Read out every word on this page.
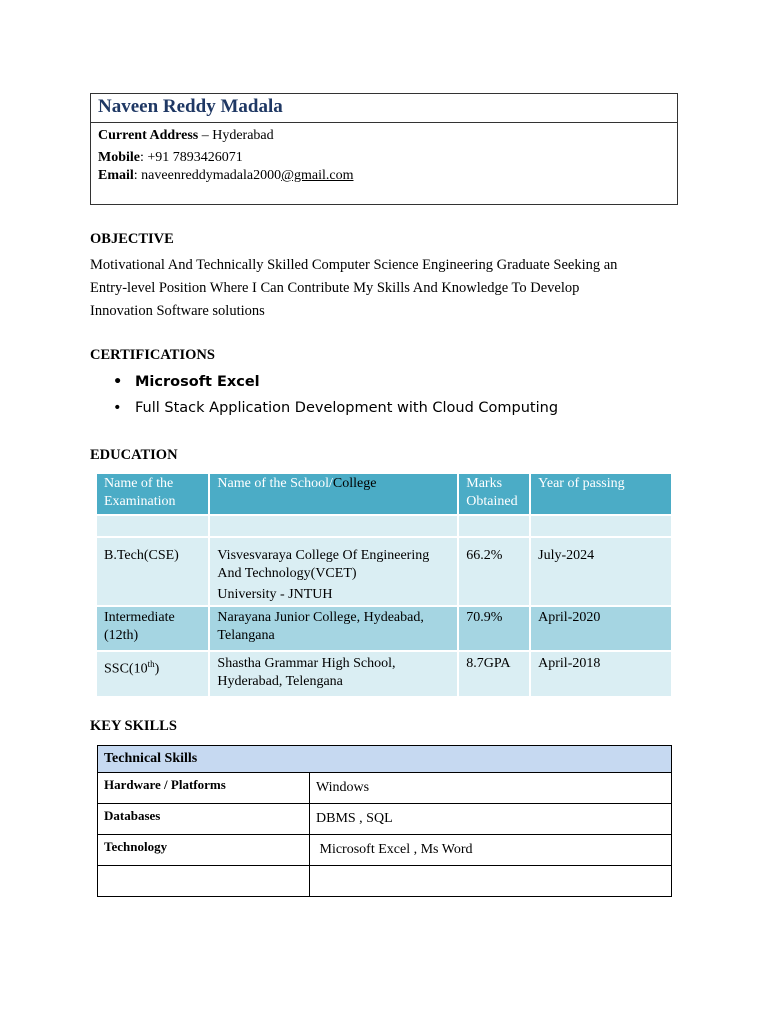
Naveen Reddy Madala
Current Address – Hyderabad
Mobile: +91 7893426071
Email: naveenreddymadala2000@gmail.com
OBJECTIVE
Motivational And Technically Skilled Computer Science Engineering Graduate Seeking an
Entry-level Position Where I Can Contribute My Skills And Knowledge To Develop
Innovation Software solutions
CERTIFICATIONS
• Microsoft Excel
• Full Stack Application Development with Cloud Computing
EDUCATION
Name of the Examination	Name of the School/College	Marks Obtained	Year of passing

B.Tech(CSE)	Visvesvaraya College Of Engineering And Technology(VCET)
University - JNTUH	66.2%	July-2024
Intermediate (12th)	Narayana Junior College, Hydeabad, Telangana	70.9%	April-2020
SSC(10th)	Shastha Grammar High School, Hyderabad, Telengana	8.7GPA	April-2018
KEY SKILLS
Technical Skills	
Hardware / Platforms	Windows
Databases	DBMS , SQL
Technology	Microsoft Excel , Ms Word
